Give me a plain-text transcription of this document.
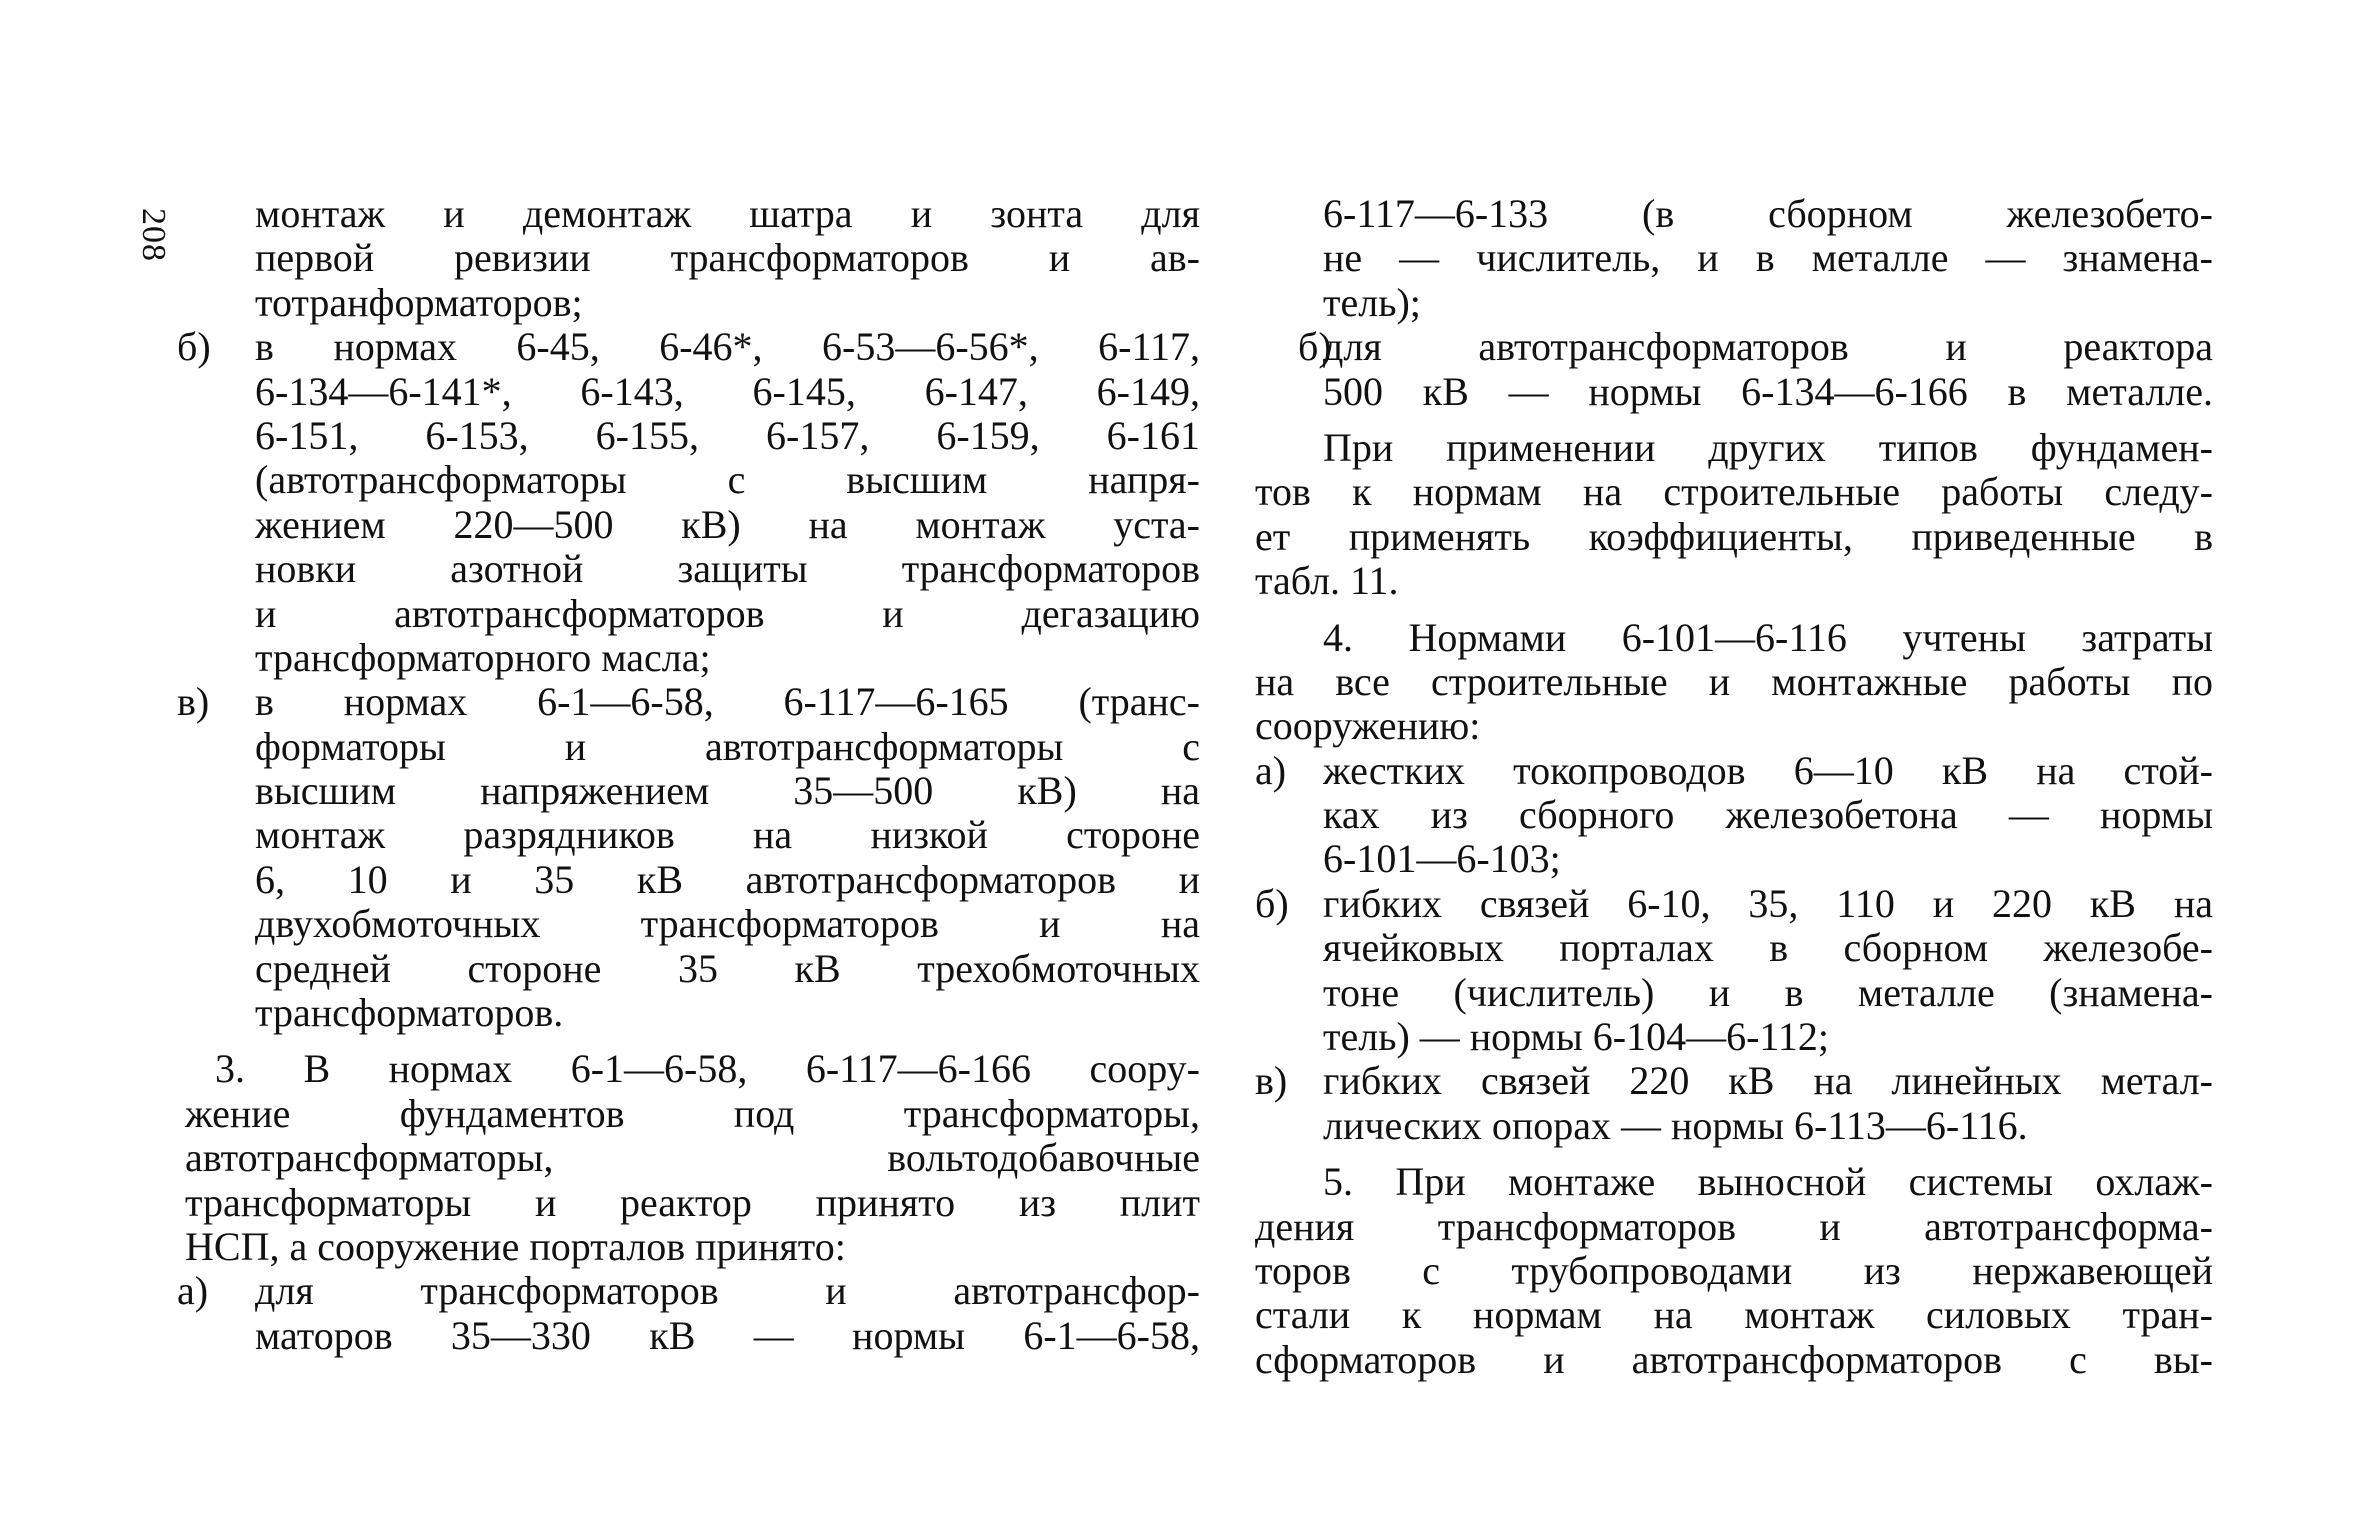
208 монтаж и демонтаж шатра и зонта для
первой ревизии трансформаторов и ав-
тотранформаторов;
б) в нормах 6-45, 6-46*, 6-53—6-56*, 6-117,
6-134—6-141*, 6-143, 6-145, 6-147, 6-149,
6-151, 6-153, 6-155, 6-157, 6-159, 6-161
(автотрансформаторы с высшим напря-
жением 220—500 кВ) на монтаж уста-
новки азотной защиты трансформаторов
и автотрансформаторов и дегазацию
трансформаторного масла;
в) в нормах 6-1—6-58, 6-117—6-165 (транс-
форматоры и автотрансформаторы с
высшим напряжением 35—500 кВ) на
монтаж разрядников на низкой стороне
6, 10 и 35 кВ автотрансформаторов и
двухобмоточных трансформаторов и на
средней стороне 35 кВ трехобмоточных
трансформаторов.
3. В нормах 6-1—6-58, 6-117—6-166 соору-
жение фундаментов под трансформаторы,
автотрансформаторы, вольтодобавочные
трансформаторы и реактор принято из плит
НСП, а сооружение порталов принято:
а) для трансформаторов и автотрансфор-
маторов 35—330 кВ — нормы 6-1—6-58,
6-117—6-133 (в сборном железобето-
не — числитель, и в металле — знамена-
тель);
б)
для автотрансформаторов и реактора
500 кВ — нормы 6-134—6-166 в металле.
При применении других типов фундамен-
тов к нормам на строительные работы следу-
ет применять коэффициенты, приведенные в
табл. 11.
4. Нормами 6-101—6-116 учтены затраты
на все строительные и монтажные работы по
сооружению:
а) жестких токопроводов 6—10 кВ на стой-
ках из сборного железобетона — нормы
6-101—6-103;
б) гибких связей 6-10, 35, 110 и 220 кВ на
ячейковых порталах в сборном железобе-
тоне (числитель) и в металле (знамена-
тель) — нормы 6-104—6-112;
в) гибких связей 220 кВ на линейных метал-
лических опорах — нормы 6-113—6-116.
5. При монтаже выносной системы охлаж-
дения трансформаторов и автотрансформа-
торов с трубопроводами из нержавеющей
стали к нормам на монтаж силовых тран-
сформаторов и автотрансформаторов с вы-
